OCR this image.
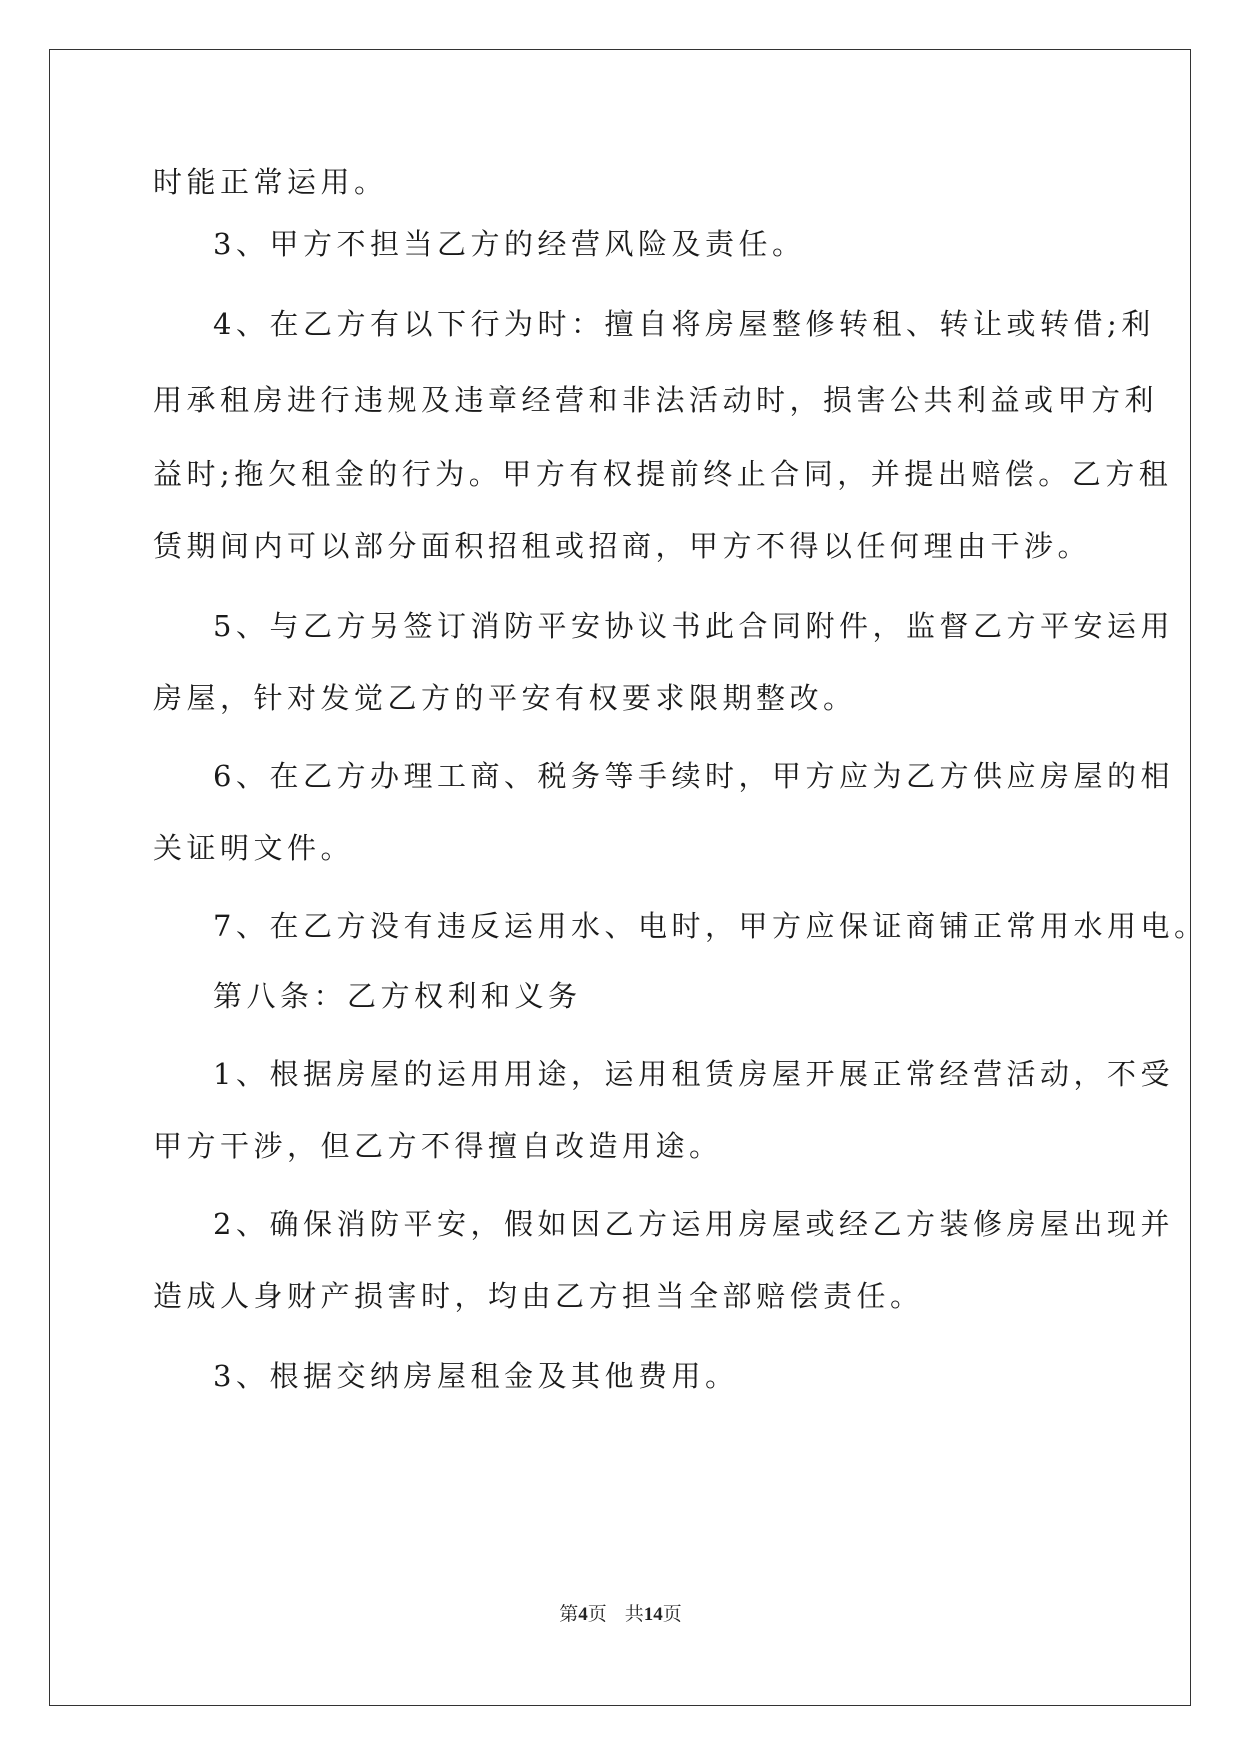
时能正常运用。
3、甲方不担当乙方的经营风险及责任。
4、在乙方有以下行为时：擅自将房屋整修转租、转让或转借;利
用承租房进行违规及违章经营和非法活动时，损害公共利益或甲方利
益时;拖欠租金的行为。甲方有权提前终止合同，并提出赔偿。乙方租
赁期间内可以部分面积招租或招商，甲方不得以任何理由干涉。
5、与乙方另签订消防平安协议书此合同附件，监督乙方平安运用
房屋，针对发觉乙方的平安有权要求限期整改。
6、在乙方办理工商、税务等手续时，甲方应为乙方供应房屋的相
关证明文件。
7、在乙方没有违反运用水、电时，甲方应保证商铺正常用水用电。
第八条：乙方权利和义务
1、根据房屋的运用用途，运用租赁房屋开展正常经营活动，不受
甲方干涉，但乙方不得擅自改造用途。
2、确保消防平安，假如因乙方运用房屋或经乙方装修房屋出现并
造成人身财产损害时，均由乙方担当全部赔偿责任。
3、根据交纳房屋租金及其他费用。
第4页 共14页
